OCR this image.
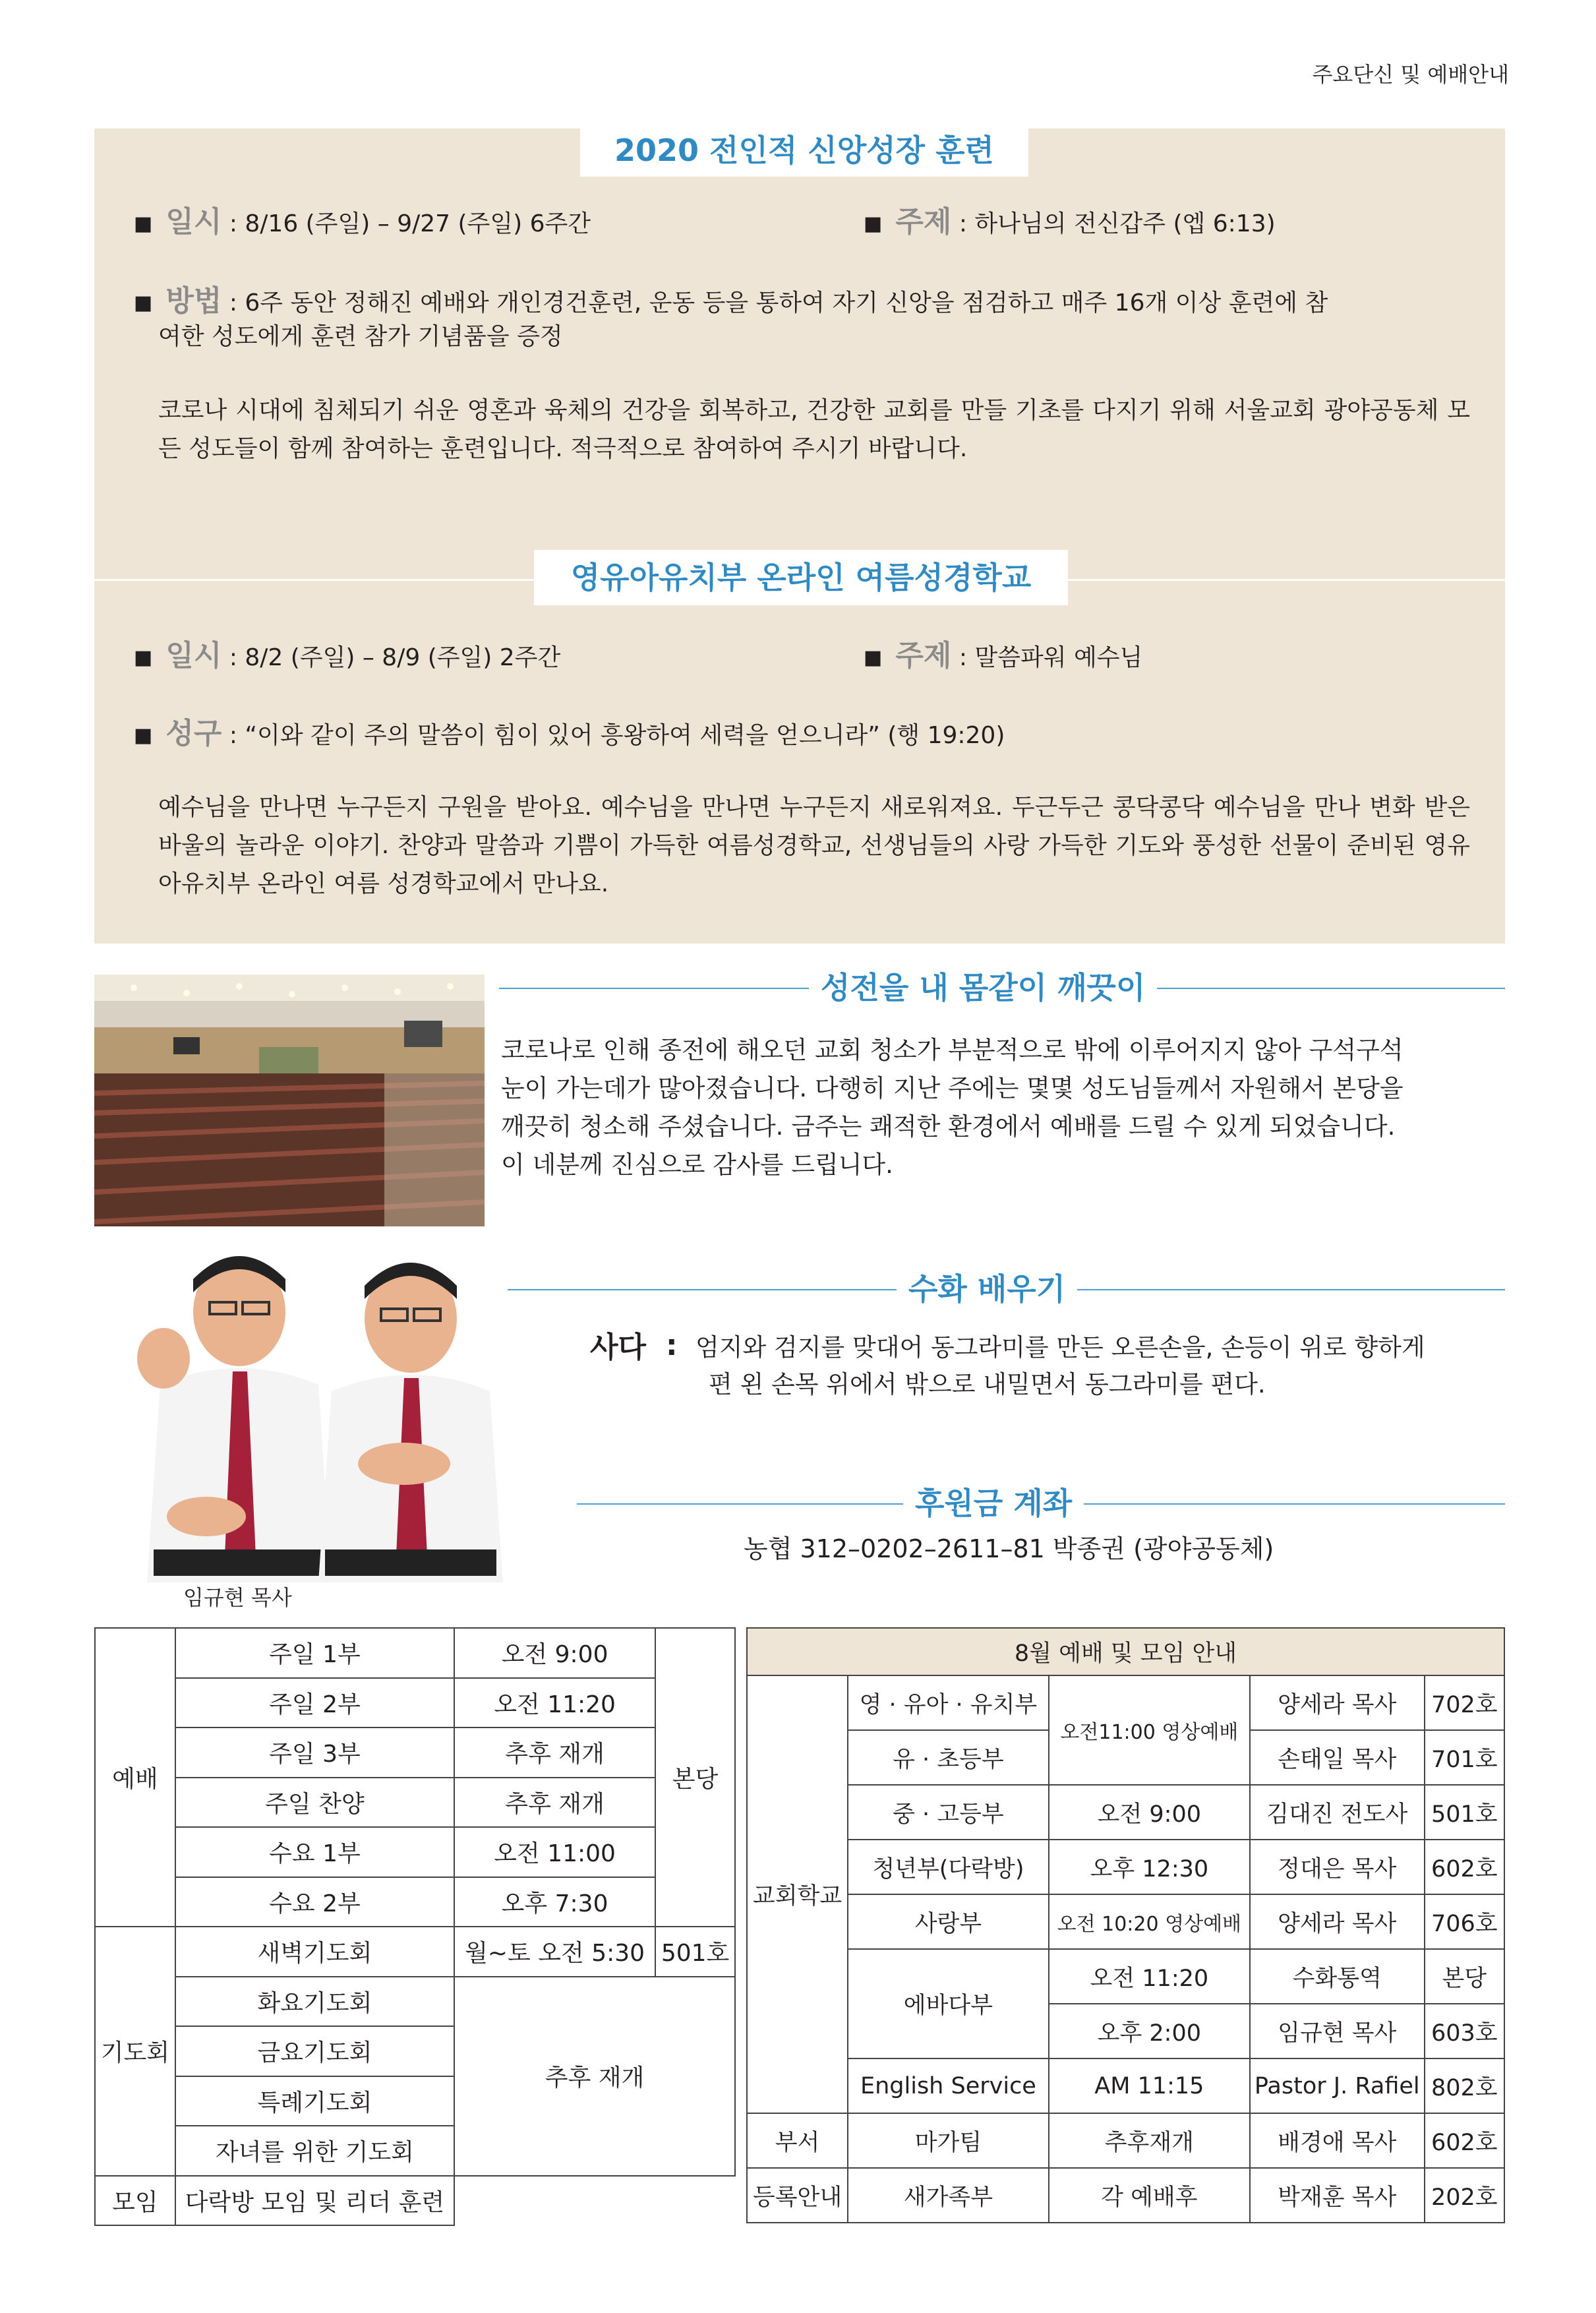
주요단신 및 예배안내
2020 전인적 신앙성장 훈련
■ 일시 : 8/16 (주일) – 9/27 (주일) 6주간	■ 주제 : 하나님의 전신갑주 (엡 6:13)
■ 방법 : 6주 동안 정해진 예배와 개인경건훈련, 운동 등을 통하여 자기 신앙을 점검하고 매주 16개 이상 훈련에 참
여한 성도에게 훈련 참가 기념품을 증정
코로나 시대에 침체되기 쉬운 영혼과 육체의 건강을 회복하고, 건강한 교회를 만들 기초를 다지기 위해 서울교회 광야공동체 모든 성도들이 함께 참여하는 훈련입니다. 적극적으로 참여하여 주시기 바랍니다.
영유아유치부 온라인 여름성경학교
■ 일시 : 8/2 (주일) – 8/9 (주일) 2주간	■ 주제 : 말씀파워 예수님
■ 성구 : “이와 같이 주의 말씀이 힘이 있어 흥왕하여 세력을 얻으니라” (행 19:20)
예수님을 만나면 누구든지 구원을 받아요. 예수님을 만나면 누구든지 새로워져요. 두근두근 콩닥콩닥 예수님을 만나 변화 받은 바울의 놀라운 이야기. 찬양과 말씀과 기쁨이 가득한 여름성경학교, 선생님들의 사랑 가득한 기도와 풍성한 선물이 준비된 영유아유치부 온라인 여름 성경학교에서 만나요.
성전을 내 몸같이 깨끗이
코로나로 인해 종전에 해오던 교회 청소가 부분적으로 밖에 이루어지지 않아 구석구석
눈이 가는데가 많아졌습니다. 다행히 지난 주에는 몇몇 성도님들께서 자원해서 본당을
깨끗히 청소해 주셨습니다. 금주는 쾌적한 환경에서 예배를 드릴 수 있게 되었습니다.
이 네분께 진심으로 감사를 드립니다.
임규현 목사
수화 배우기
사다 : 엄지와 검지를 맞대어 동그라미를 만든 오른손을, 손등이 위로 향하게
편 왼 손목 위에서 밖으로 내밀면서 동그라미를 편다.
후원금 계좌
농협 312–0202–2611–81 박종권 (광야공동체)
예배	주일 1부	오전 9:00	본당
	주일 2부	오전 11:20	
	주일 3부	추후 재개	
	주일 찬양	추후 재개	
	수요 1부	오전 11:00	
	수요 2부	오후 7:30	
기도회	새벽기도회	월~토 오전 5:30	501호
	화요기도회	추후 재개	
	금요기도회		
	특례기도회		
	자녀를 위한 기도회		
모임	다락방 모임 및 리더 훈련		
8월 예배 및 모임 안내				
교회학교	영 · 유아 · 유치부	오전11:00 영상예배	양세라 목사	702호
	유 · 초등부		손태일 목사	701호
	중 · 고등부	오전 9:00	김대진 전도사	501호
	청년부(다락방)	오후 12:30	정대은 목사	602호
	사랑부	오전 10:20 영상예배	양세라 목사	706호
	에바다부	오전 11:20	수화통역	본당
		오후 2:00	임규현 목사	603호
	English Service	AM 11:15	Pastor J. Rafiel	802호
부서	마가팀	추후재개	배경애 목사	602호
등록안내	새가족부	각 예배후	박재훈 목사	202호
